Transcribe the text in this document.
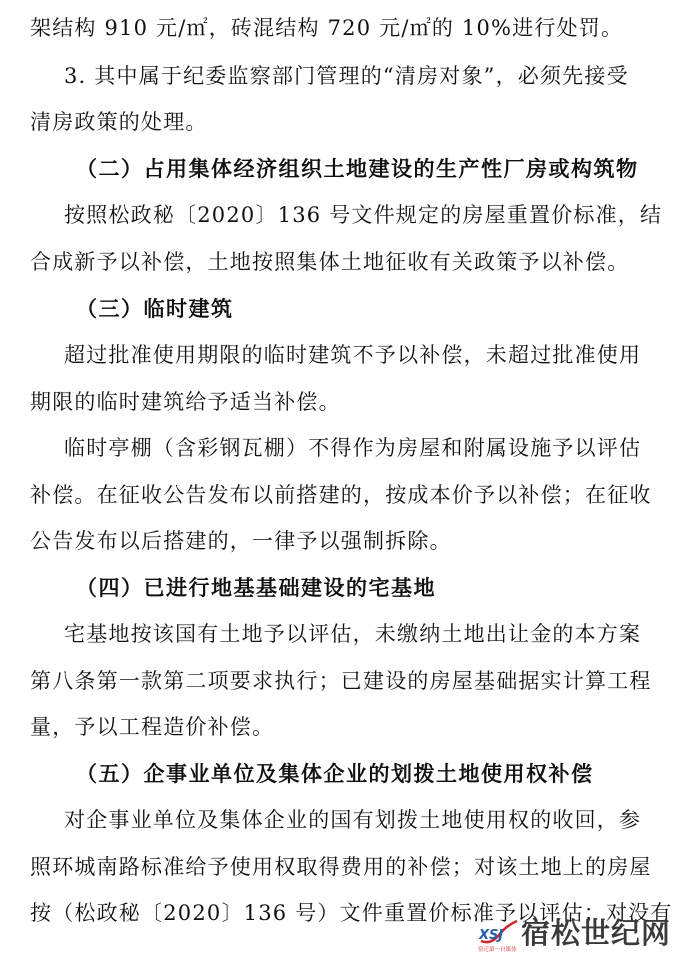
架结构 910 元/㎡，砖混结构 720 元/㎡的 10%进行处罚。
3. 其中属于纪委监察部门管理的“清房对象”，必须先接受
清房政策的处理。
（二）占用集体经济组织土地建设的生产性厂房或构筑物
按照松政秘〔2020〕136 号文件规定的房屋重置价标准，结
合成新予以补偿，土地按照集体土地征收有关政策予以补偿。
（三）临时建筑
超过批准使用期限的临时建筑不予以补偿，未超过批准使用
期限的临时建筑给予适当补偿。
临时亭棚（含彩钢瓦棚）不得作为房屋和附属设施予以评估
补偿。在征收公告发布以前搭建的，按成本价予以补偿；在征收
公告发布以后搭建的，一律予以强制拆除。
（四）已进行地基基础建设的宅基地
宅基地按该国有土地予以评估，未缴纳土地出让金的本方案
第八条第一款第二项要求执行；已建设的房屋基础据实计算工程
量，予以工程造价补偿。
（五）企事业单位及集体企业的划拨土地使用权补偿
对企事业单位及集体企业的国有划拨土地使用权的收回，参
照环城南路标准给予使用权取得费用的补偿；对该土地上的房屋
按（松政秘〔2020〕136 号）文件重置价标准予以评估；对没有
XSJ
宿迁第一自媒体 宿松世纪网
